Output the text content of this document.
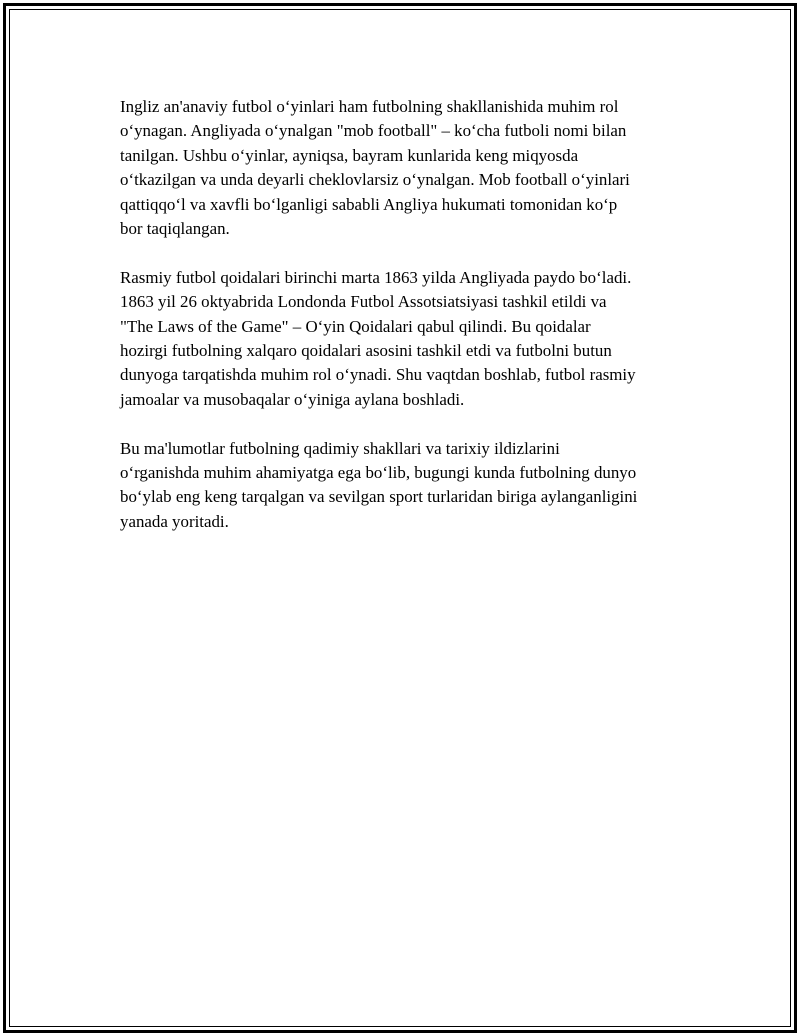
Ingliz an'anaviy futbol o‘yinlari ham futbolning shakllanishida muhim rol
o‘ynagan. Angliyada o‘ynalgan "mob football" – ko‘cha futboli nomi bilan
tanilgan. Ushbu o‘yinlar, ayniqsa, bayram kunlarida keng miqyosda
o‘tkazilgan va unda deyarli cheklovlarsiz o‘ynalgan. Mob football o‘yinlari
qattiqqo‘l va xavfli bo‘lganligi sababli Angliya hukumati tomonidan ko‘p
bor taqiqlangan.

Rasmiy futbol qoidalari birinchi marta 1863 yilda Angliyada paydo bo‘ladi.
1863 yil 26 oktyabrida Londonda Futbol Assotsiatsiyasi tashkil etildi va
"The Laws of the Game" – O‘yin Qoidalari qabul qilindi. Bu qoidalar
hozirgi futbolning xalqaro qoidalari asosini tashkil etdi va futbolni butun
dunyoga tarqatishda muhim rol o‘ynadi. Shu vaqtdan boshlab, futbol rasmiy
jamoalar va musobaqalar o‘yiniga aylana boshladi.

Bu ma'lumotlar futbolning qadimiy shakllari va tarixiy ildizlarini
o‘rganishda muhim ahamiyatga ega bo‘lib, bugungi kunda futbolning dunyo
bo‘ylab eng keng tarqalgan va sevilgan sport turlaridan biriga aylanganligini
yanada yoritadi.
